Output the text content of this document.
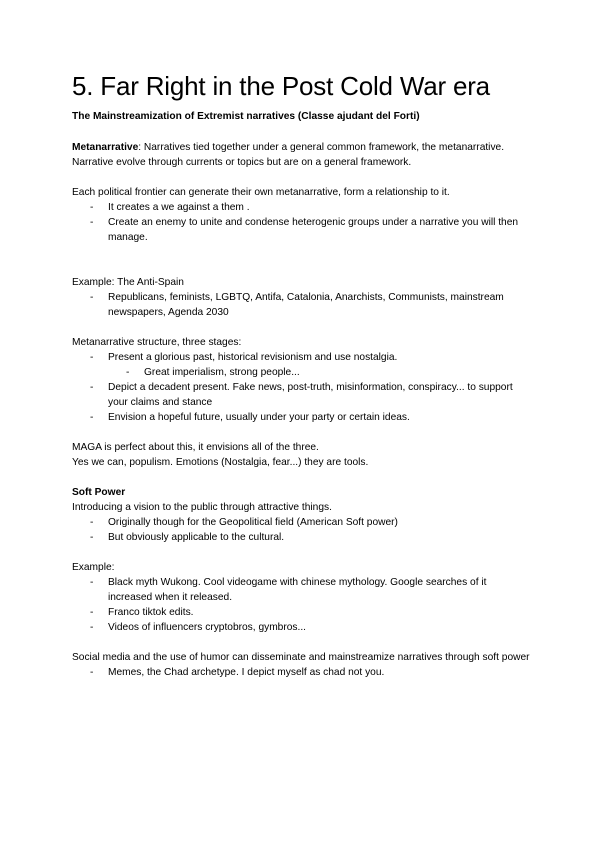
5. Far Right in the Post Cold War era

The Mainstreamization of Extremist narratives (Classe ajudant del Forti)

Metanarrative: Narratives tied together under a general common framework, the metanarrative. Narrative evolve through currents or topics but are on a general framework.

Each political frontier can generate their own metanarrative, form a relationship to it.

- It creates a we against a them .
- Create an enemy to unite and condense heterogenic groups under a narrative you will then manage.

Example: The Anti-Spain

- Republicans, feminists, LGBTQ, Antifa, Catalonia, Anarchists, Communists, mainstream newspapers, Agenda 2030

Metanarrative structure, three stages:

- Present a glorious past, historical revisionism and use nostalgia.
- Great imperialism, strong people...
- Depict a decadent present. Fake news, post-truth, misinformation, conspiracy... to support your claims and stance
- Envision a hopeful future, usually under your party or certain ideas.

MAGA is perfect about this, it envisions all of the three.

Yes we can, populism. Emotions (Nostalgia, fear...) they are tools.

Soft Power

Introducing a vision to the public through attractive things.

- Originally though for the Geopolitical field (American Soft power)
- But obviously applicable to the cultural.

Example:

- Black myth Wukong. Cool videogame with chinese mythology. Google searches of it increased when it released.
- Franco tiktok edits.
- Videos of influencers cryptobros, gymbros...

Social media and the use of humor can disseminate and mainstreamize narratives through soft power

- Memes, the Chad archetype. I depict myself as chad not you.
